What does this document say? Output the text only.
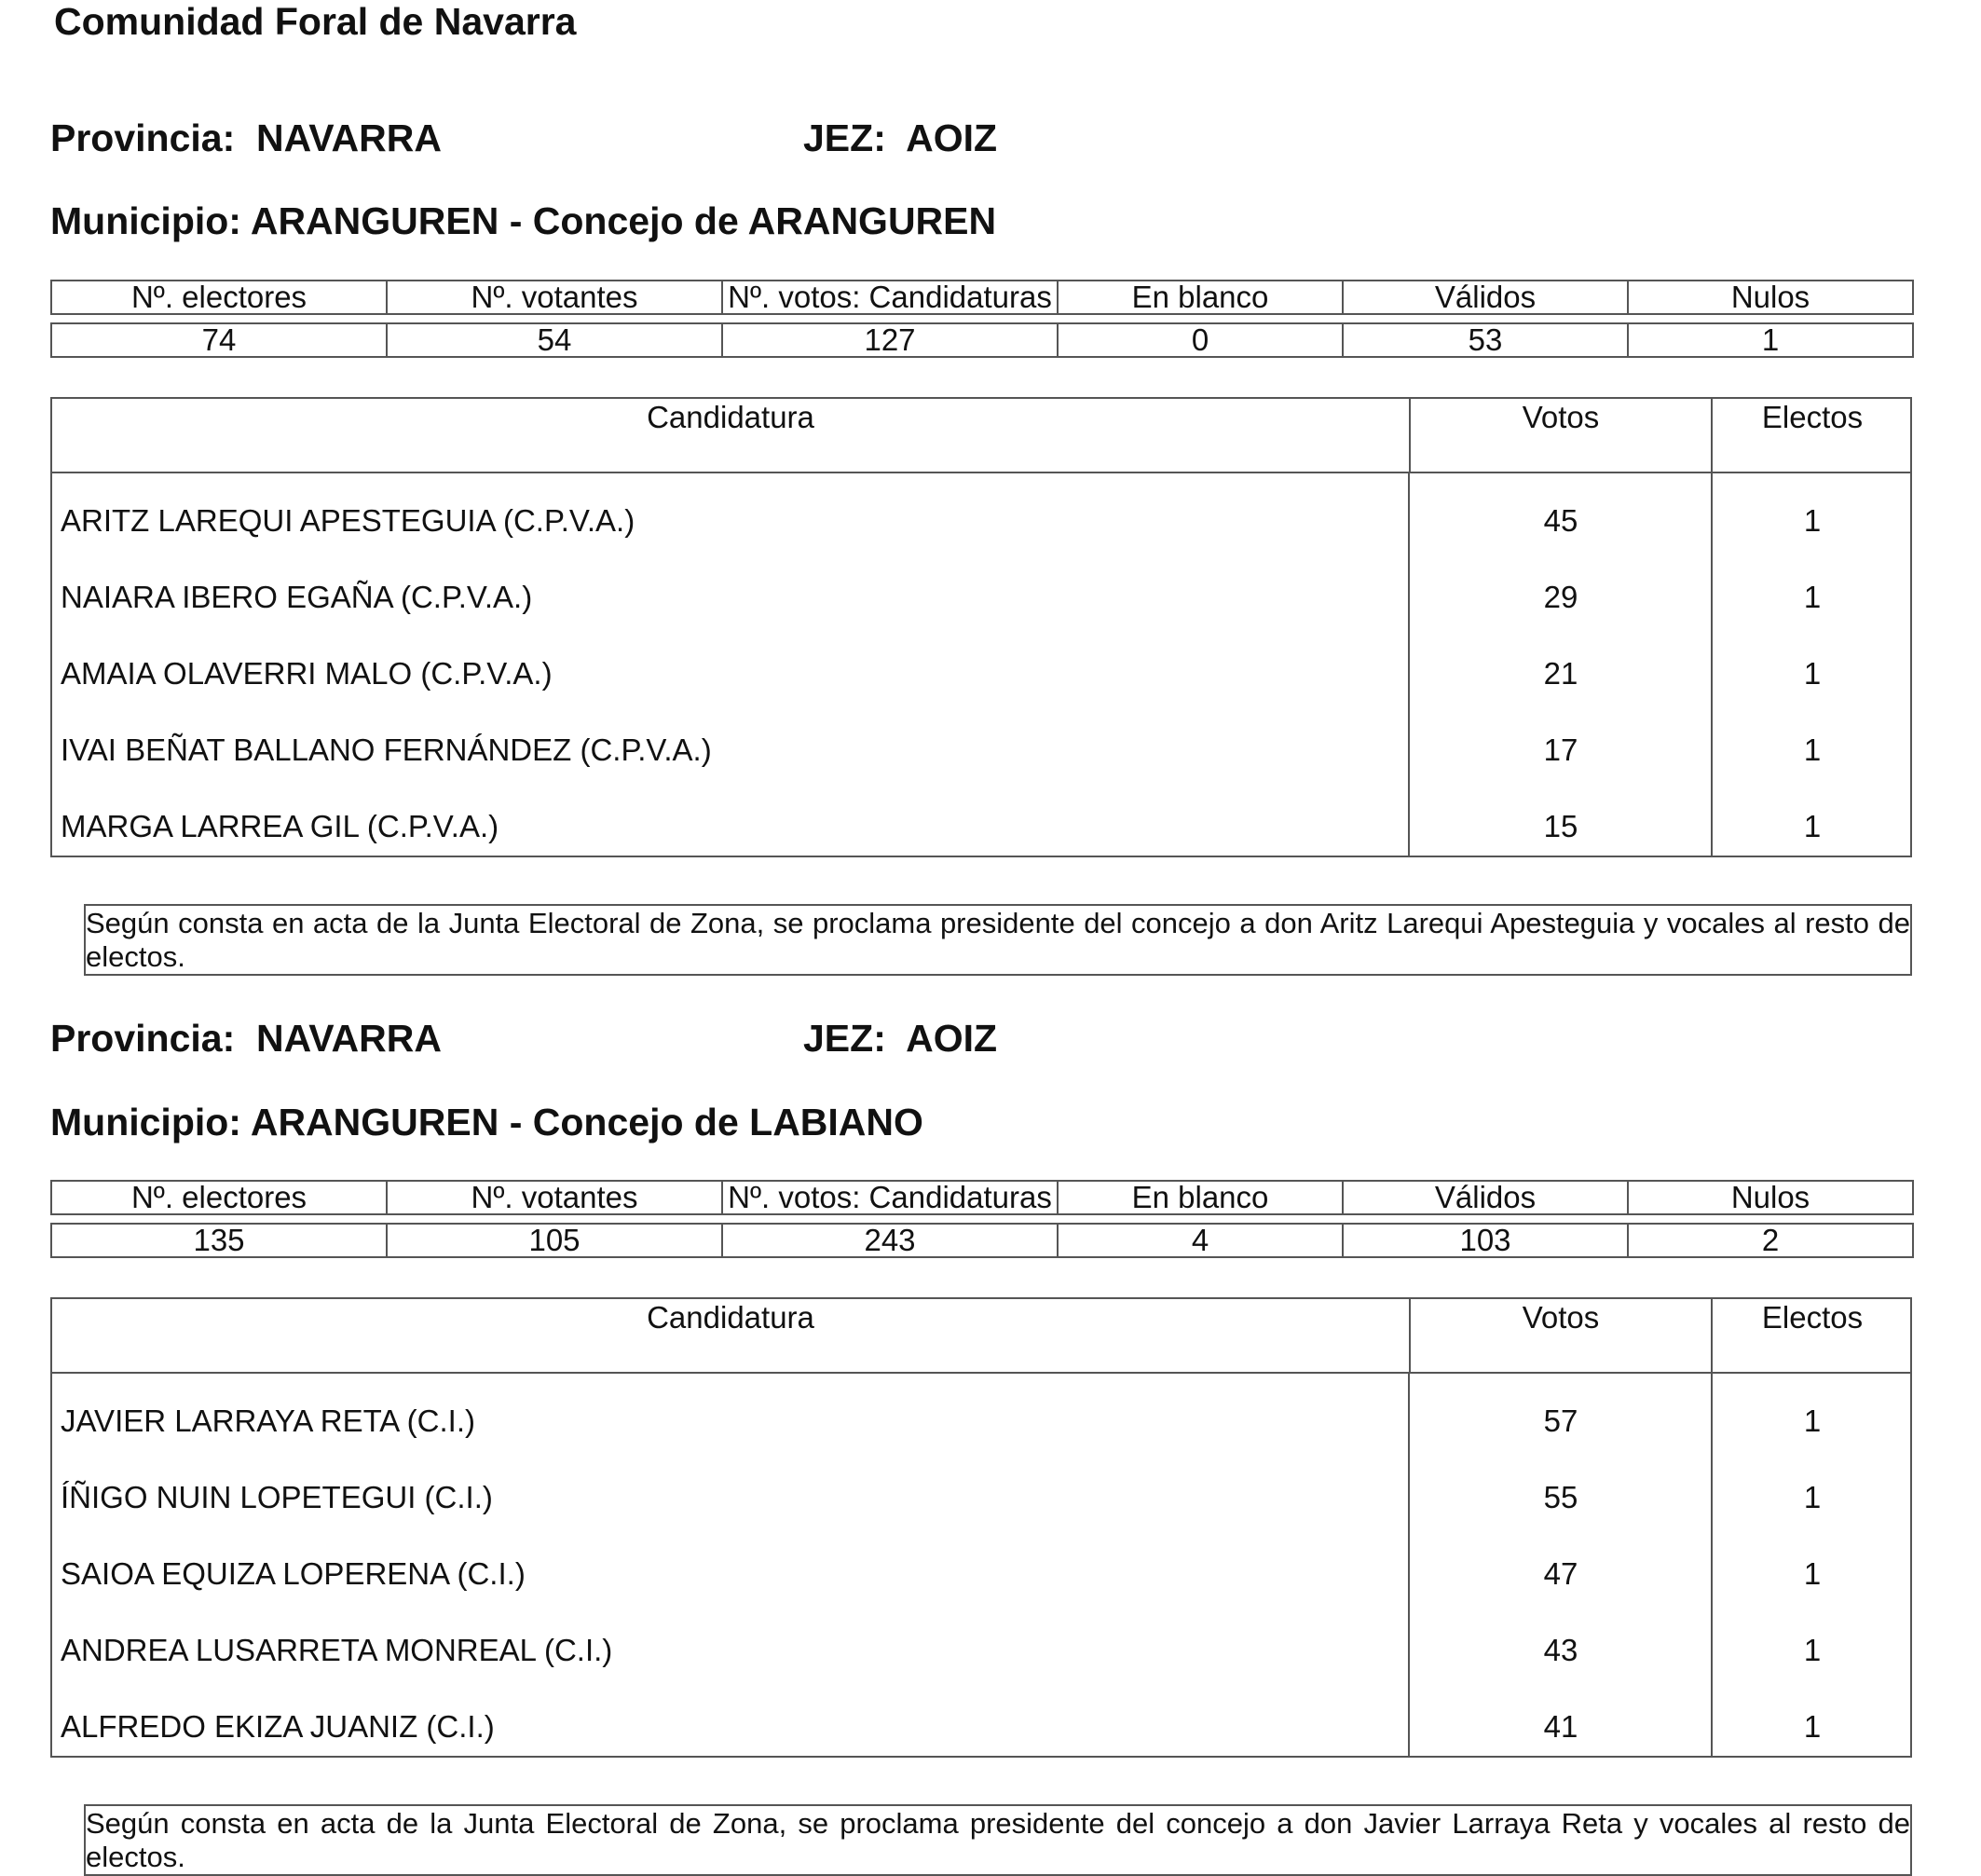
Comunidad Foral de Navarra
Provincia: NAVARRA	JEZ: AOIZ
Municipio: ARANGUREN - Concejo de ARANGUREN
Nº. electores	Nº. votantes	Nº. votos: Candidaturas	En blanco	Válidos	Nulos

74	54	127	0	53	1
Candidatura	Votos	Electos
ARITZ LAREQUI APESTEGUIA (C.P.V.A.)	45	1
NAIARA IBERO EGAÑA (C.P.V.A.)	29	1
AMAIA OLAVERRI MALO (C.P.V.A.)	21	1
IVAI BEÑAT BALLANO FERNÁNDEZ (C.P.V.A.)	17	1
MARGA LARREA GIL (C.P.V.A.)	15	1
Según consta en acta de la Junta Electoral de Zona, se proclama presidente del concejo a don Aritz Larequi Apesteguia y vocales al resto de electos.
Provincia: NAVARRA	JEZ: AOIZ
Municipio: ARANGUREN - Concejo de LABIANO
Nº. electores	Nº. votantes	Nº. votos: Candidaturas	En blanco	Válidos	Nulos

135	105	243	4	103	2
Candidatura	Votos	Electos
JAVIER LARRAYA RETA (C.I.)	57	1
ÍÑIGO NUIN LOPETEGUI (C.I.)	55	1
SAIOA EQUIZA LOPERENA (C.I.)	47	1
ANDREA LUSARRETA MONREAL (C.I.)	43	1
ALFREDO EKIZA JUANIZ (C.I.)	41	1
Según consta en acta de la Junta Electoral de Zona, se proclama presidente del concejo a don Javier Larraya Reta y vocales al resto de electos.
